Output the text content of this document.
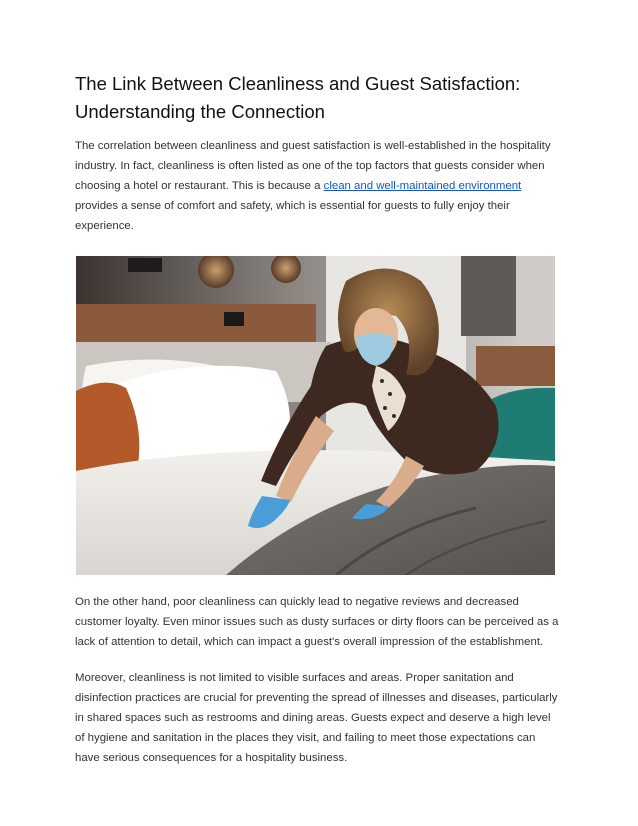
The Link Between Cleanliness and Guest Satisfaction:
Understanding the Connection

The correlation between cleanliness and guest satisfaction is well-established in the hospitality industry. In fact, cleanliness is often listed as one of the top factors that guests consider when choosing a hotel or restaurant. This is because a clean and well-maintained environment provides a sense of comfort and safety, which is essential for guests to fully enjoy their experience.

On the other hand, poor cleanliness can quickly lead to negative reviews and decreased customer loyalty. Even minor issues such as dusty surfaces or dirty floors can be perceived as a lack of attention to detail, which can impact a guest's overall impression of the establishment.

Moreover, cleanliness is not limited to visible surfaces and areas. Proper sanitation and disinfection practices are crucial for preventing the spread of illnesses and diseases, particularly in shared spaces such as restrooms and dining areas. Guests expect and deserve a high level of hygiene and sanitation in the places they visit, and failing to meet those expectations can have serious consequences for a hospitality business.
